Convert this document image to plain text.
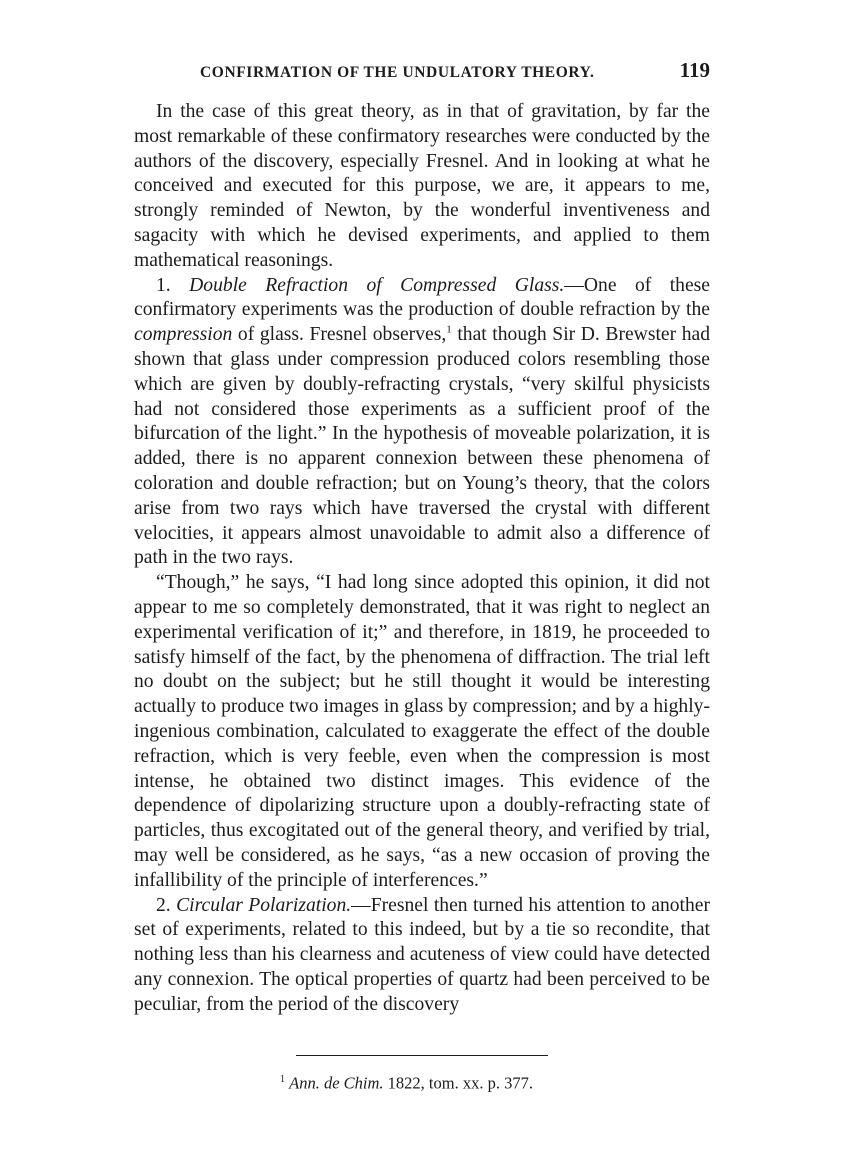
CONFIRMATION OF THE UNDULATORY THEORY.	119

In the case of this great theory, as in that of gravitation, by far the most remarkable of these confirmatory researches were conducted by the authors of the discovery, especially Fresnel. And in looking at what he conceived and executed for this purpose, we are, it appears to me, strongly reminded of Newton, by the wonderful inventiveness and sagacity with which he devised experiments, and applied to them mathematical reasonings.

1. Double Refraction of Compressed Glass.—One of these confirmatory experiments was the production of double refraction by the compression of glass. Fresnel observes,$^1$ that though Sir D. Brewster had shown that glass under compression produced colors resembling those which are given by doubly-refracting crystals, “very skilful physicists had not considered those experiments as a sufficient proof of the bifurcation of the light.” In the hypothesis of moveable polarization, it is added, there is no apparent connexion between these phenomena of coloration and double refraction; but on Young’s theory, that the colors arise from two rays which have traversed the crystal with different velocities, it appears almost unavoidable to admit also a difference of path in the two rays.

“Though,” he says, “I had long since adopted this opinion, it did not appear to me so completely demonstrated, that it was right to neglect an experimental verification of it;” and therefore, in 1819, he proceeded to satisfy himself of the fact, by the phenomena of diffraction. The trial left no doubt on the subject; but he still thought it would be interesting actually to produce two images in glass by compression; and by a highly-ingenious combination, calculated to exaggerate the effect of the double refraction, which is very feeble, even when the compression is most intense, he obtained two distinct images. This evidence of the dependence of dipolarizing structure upon a doubly-refracting state of particles, thus excogitated out of the general theory, and verified by trial, may well be considered, as he says, “as a new occasion of proving the infallibility of the principle of interferences.”

2. Circular Polarization.—Fresnel then turned his attention to another set of experiments, related to this indeed, but by a tie so recondite, that nothing less than his clearness and acuteness of view could have detected any connexion. The optical properties of quartz had been perceived to be peculiar, from the period of the discovery

$^1$ Ann. de Chim. 1822, tom. xx. p. 377.
